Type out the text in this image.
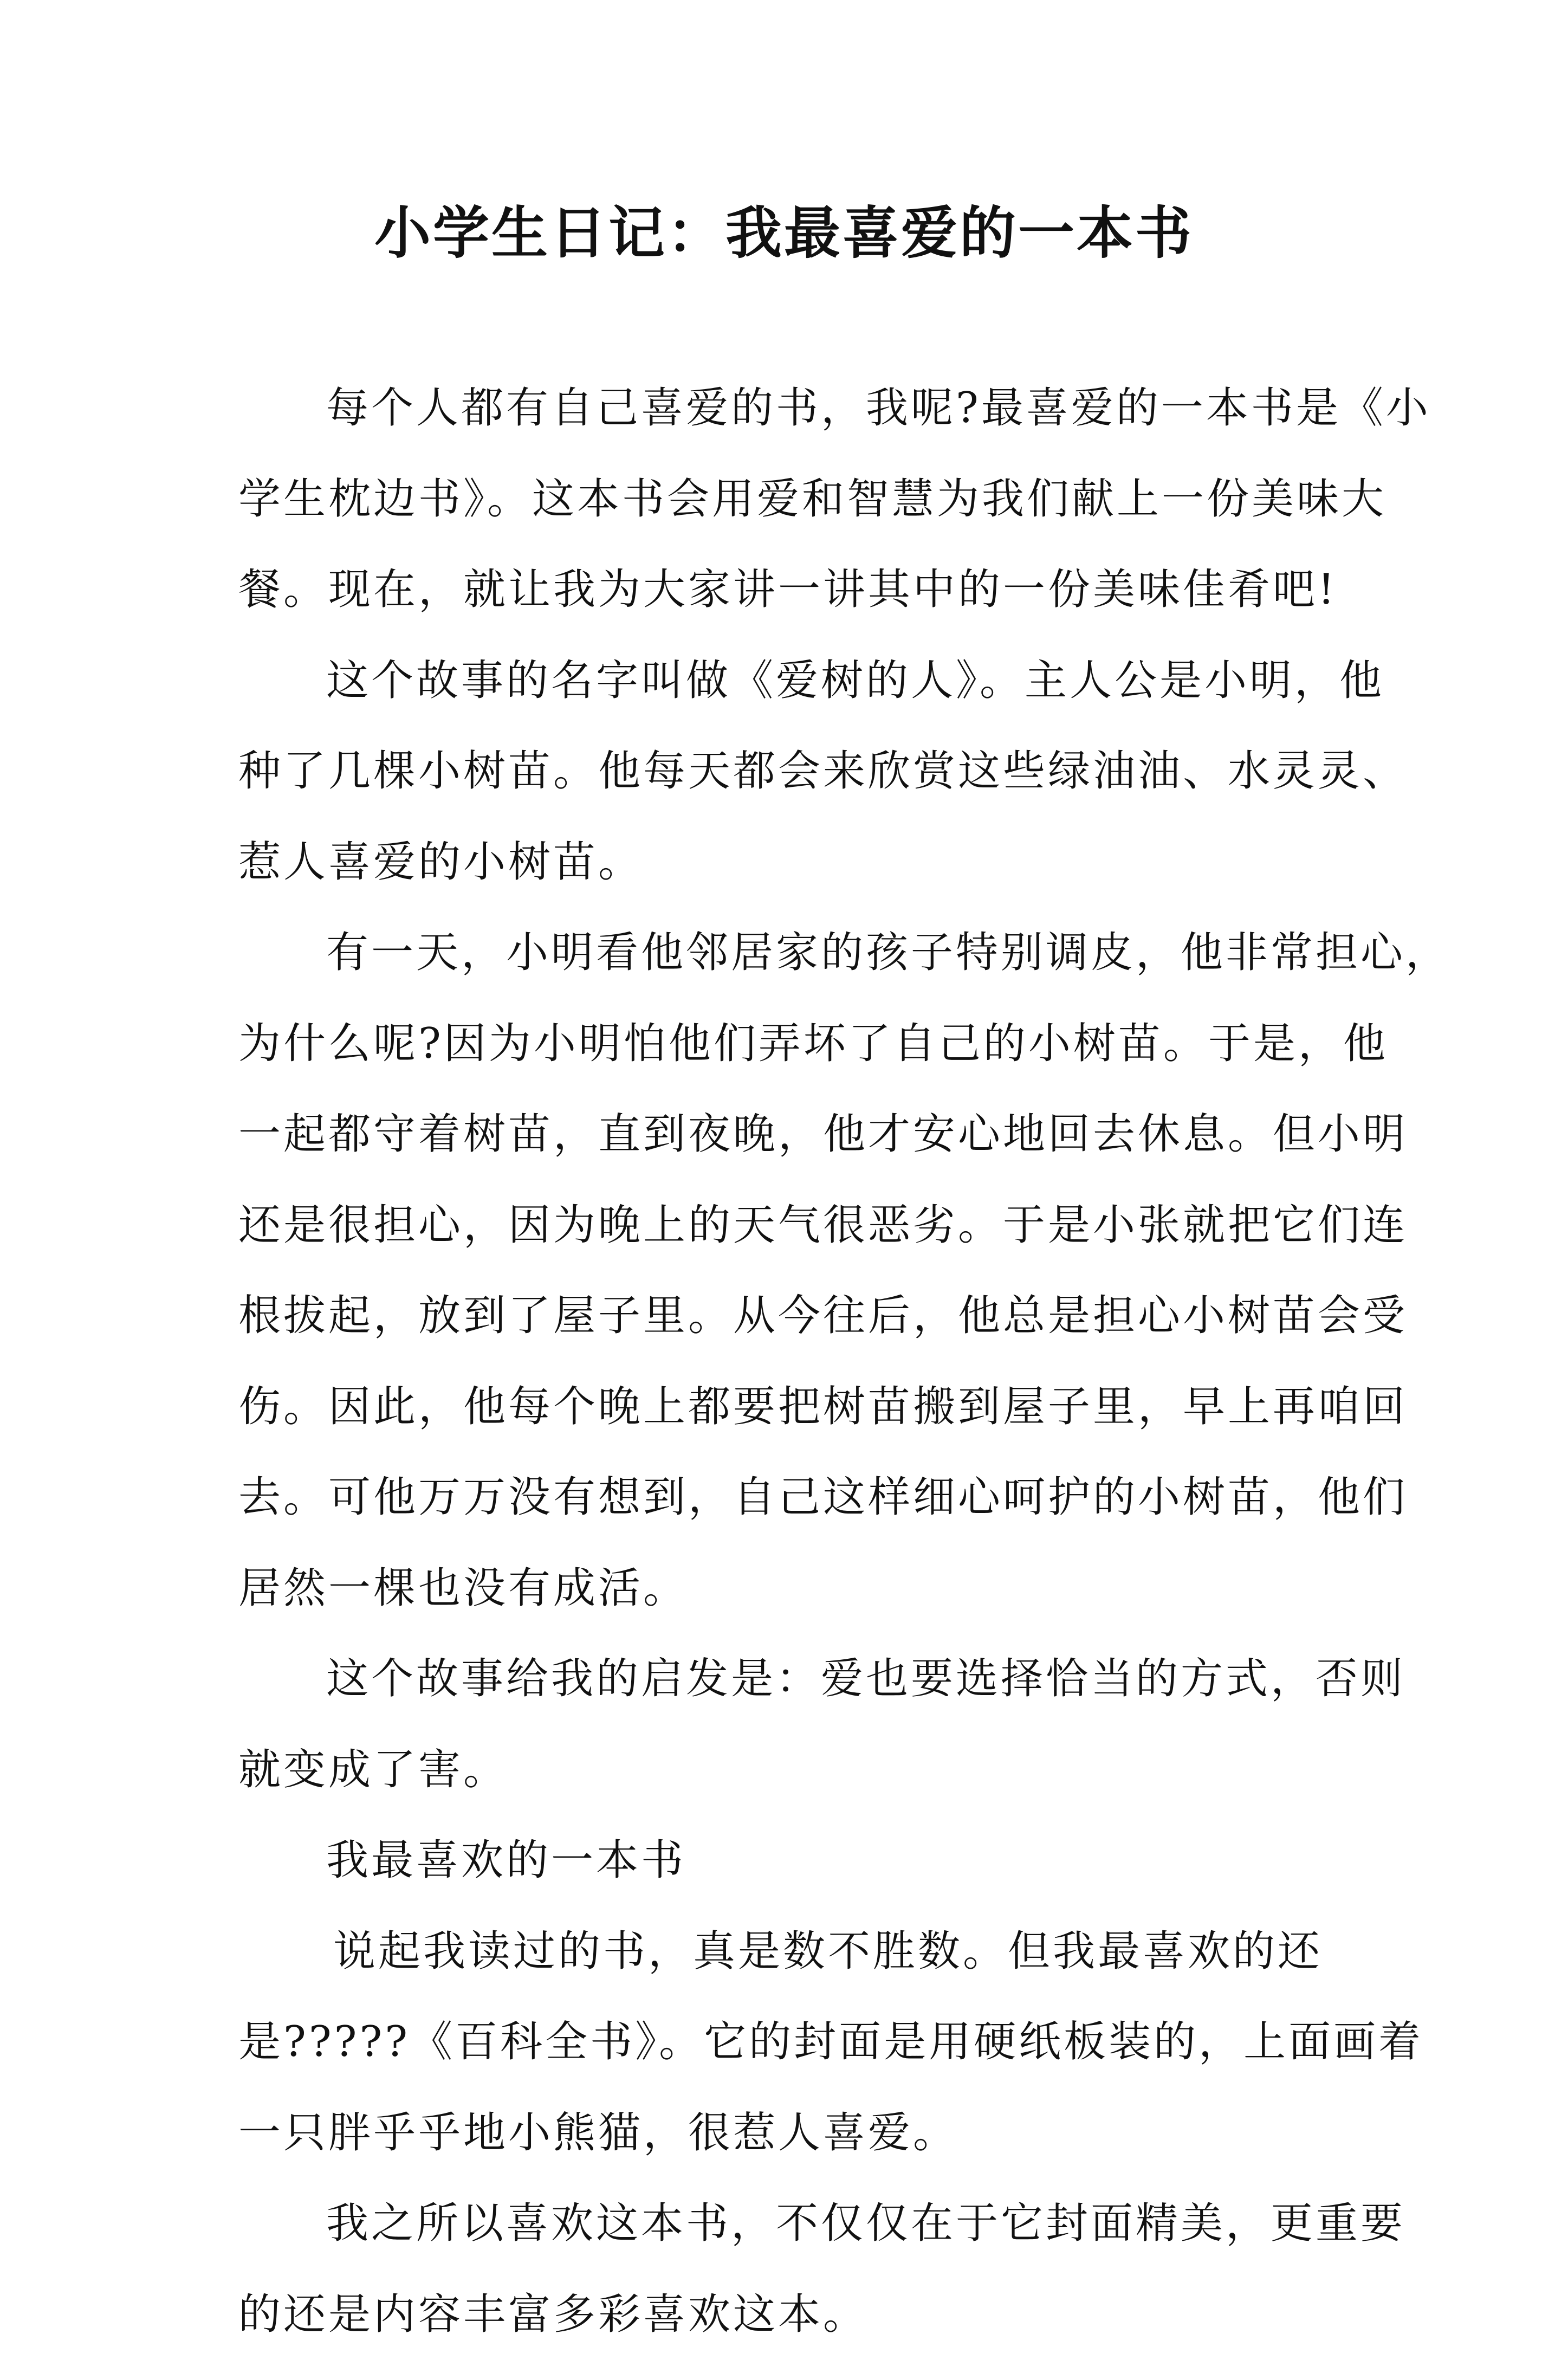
小学生日记：我最喜爱的一本书
每个人都有自己喜爱的书，我呢?最喜爱的一本书是《小
学生枕边书》。这本书会用爱和智慧为我们献上一份美味大
餐。现在，就让我为大家讲一讲其中的一份美味佳肴吧!
这个故事的名字叫做《爱树的人》。主人公是小明，他
种了几棵小树苗。他每天都会来欣赏这些绿油油、水灵灵、
惹人喜爱的小树苗。
有一天，小明看他邻居家的孩子特别调皮，他非常担心，
为什么呢?因为小明怕他们弄坏了自己的小树苗。于是，他
一起都守着树苗，直到夜晚，他才安心地回去休息。但小明
还是很担心，因为晚上的天气很恶劣。于是小张就把它们连
根拔起，放到了屋子里。从今往后，他总是担心小树苗会受
伤。因此，他每个晚上都要把树苗搬到屋子里，早上再咱回
去。可他万万没有想到，自己这样细心呵护的小树苗，他们
居然一棵也没有成活。
这个故事给我的启发是：爱也要选择恰当的方式，否则
就变成了害。
我最喜欢的一本书
说起我读过的书，真是数不胜数。但我最喜欢的还
是?????《百科全书》。它的封面是用硬纸板装的，上面画着
一只胖乎乎地小熊猫，很惹人喜爱。
我之所以喜欢这本书，不仅仅在于它封面精美，更重要
的还是内容丰富多彩喜欢这本。
